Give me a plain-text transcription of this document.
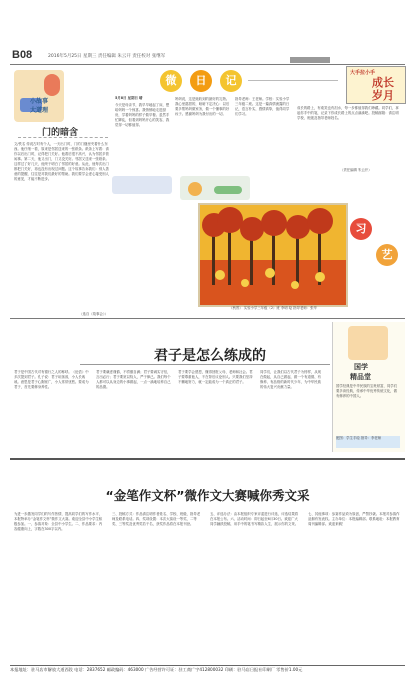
B08	2016年5月25日 星期三 责任编辑 朱云开 责任校对 张继军
小故事
大道理
门的暗含
文/佚名 传说古时有个人，一天出门时，门的门缝里夹着什么东西。他仔细一看，原来是邻居送来的一张纸条。纸条上写着：请你以后出门时，记得把门关好。他看后很不高兴，认为邻居多管闲事。第二天，他又出门，门又没关好。邻居又送来一张纸条。这样过了好几天，他终于明白了邻居的好意。从此，他每次出门都把门关好，再也没有出现过问题。这个故事告诉我们：别人善意的提醒，往往是对我们最好的帮助。我们要学会虚心接受别人的意见，才能不断进步。
（选自《故事会》）
大手拉小手
成长
岁月
微	日	记
5月8日 星期日 晴
今天是母亲节，我早早地起了床，想给妈妈一个惊喜。我悄悄地走进厨房，学着妈妈的样子做早餐。虽然手忙脚乱，但看到妈妈开心的笑容，我觉得一切都值得。
妈妈说，这是她收到的最好的礼物。我心里甜甜的，暗暗下定决心：以后要多帮妈妈做家务，做一个懂事的好孩子。感谢妈妈为我付出的一切。
指导老师：王老师。学校：实验小学三年级二班。这是一篇真情流露的日记，语言朴实，感情真挚，值得同学们学习。
成长的路上，有欢笑也有泪水，每一步都值得我们珍藏。同学们，拿起你手中的笔，记录下你成长路上的点点滴滴吧。投稿邮箱：请注明学校、班级及指导老师姓名。
（责任编辑 朱云开）
《秋景》 实验小学三年级（2）班 李明 绘 指导老师：张华
习
艺
君子是怎么练成的
君子是中国古代对有德行之人的称呼。《论语》中多次提到君子。孔子说：君子坦荡荡，小人长戚戚。意思是君子心胸宽广，小人常常忧愁。要成为君子，首先要修身养性。
君子要谦虚谨慎，不骄傲自满；君子要诚实守信，言出必行；君子要宽以待人，严于律己。我们每个人都可以从身边的小事做起，一点一滴地培养自己的品德。
君子要学会感恩，懂得回报父母、老师和社会。君子要尊重他人，不在背后议论别人。只要我们坚持不懈地努力，就一定能成为一个真正的君子。
同学们，让我们以古代君子为榜样，从现在做起，从自己做起，做一个有道德、有修养、有品格的新时代少年，为中华民族的伟大复兴贡献力量。
国学
精品堂
国学经典是中华民族的宝贵财富，同学们要多读经典，传承中华优秀传统文化，做有修养的中国人。
配图：学生手绘 指导：李老师
“金笔作文杯”微作文大赛喊你秀文采
为进一步激发同学们的写作热情，提高同学们的写作水平，本报特举办“金笔作文杯”微作文大赛。欢迎全县中小学生积极参加。一、参赛对象：全县中小学生。二、作品要求：内容健康向上，字数在300字以内。
三、投稿方式：作品请注明作者姓名、学校、班级、指导老师及联系电话。四、奖项设置：本次大赛设一等奖、二等奖、三等奖及优秀奖若干名，获奖作品将在本报刊登。
五、评选办法：由本报组织专家评委进行评选，评选结果将在本报公布。六、活动时间：即日起至6月30日。欢迎广大同学踊跃投稿，用手中的笔书写精彩人生，展示你的文采。
七、其他事项：参赛作品须为原创，严禁抄袭。本报对参赛作品拥有发表权。主办单位：本报编辑部。联系地址：本报教育周刊编辑部。欢迎来稿！
本报地址：驻马店市解放大道西段 电话：2837652 邮政编码：463000 广告经营许可证：驻工商广字412800032 印刷：驻马店日报社印刷厂 零售价1.00元
